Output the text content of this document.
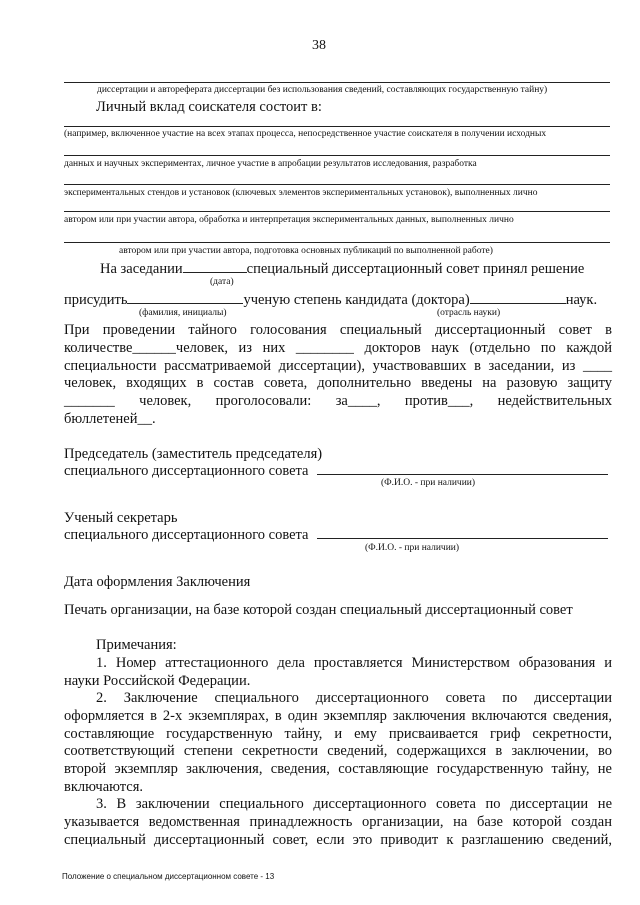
38
диссертации и автореферата диссертации без использования сведений, составляющих государственную тайну)
Личный вклад соискателя состоит в:
(например, включенное участие на всех этапах процесса, непосредственное участие соискателя в получении исходных
данных и научных экспериментах, личное участие в апробации результатов исследования, разработка
экспериментальных стендов и установок (ключевых элементов экспериментальных установок), выполненных лично
автором или при участии автора, обработка и интерпретация экспериментальных данных, выполненных лично
автором или при участии автора, подготовка основных публикаций по выполненной работе)
На заседании	специальный диссертационный совет принял решение
(дата)
присудить	ученую степень кандидата (доктора)	наук.
(фамилия, инициалы)	(отрасль науки)
При проведении тайного голосования специальный диссертационный совет в
количестве______человек, из них ________ докторов наук (отдельно по каждой
специальности рассматриваемой диссертации), участвовавших в заседании, из ____
человек, входящих в состав совета, дополнительно введены на разовую защиту
_______ человек, проголосовали: за____, против___, недействительных
бюллетеней__.
Председатель (заместитель председателя)
специального диссертационного совета
(Ф.И.О. - при наличии)
Ученый секретарь
специального диссертационного совета
(Ф.И.О. - при наличии)
Дата оформления Заключения
Печать организации, на базе которой создан специальный диссертационный совет
Примечания:
1. Номер аттестационного дела проставляется Министерством образования и
науки Российской Федерации.
2. Заключение специального диссертационного совета по диссертации
оформляется в 2-х экземплярах, в один экземпляр заключения включаются сведения,
составляющие государственную тайну, и ему присваивается гриф секретности,
соответствующий степени секретности сведений, содержащихся в заключении, во
второй экземпляр заключения, сведения, составляющие государственную тайну, не
включаются.
3. В заключении специального диссертационного совета по диссертации не
указывается ведомственная принадлежность организации, на базе которой создан
специальный диссертационный совет, если это приводит к разглашению сведений,
Положение о специальном диссертационном совете - 13
